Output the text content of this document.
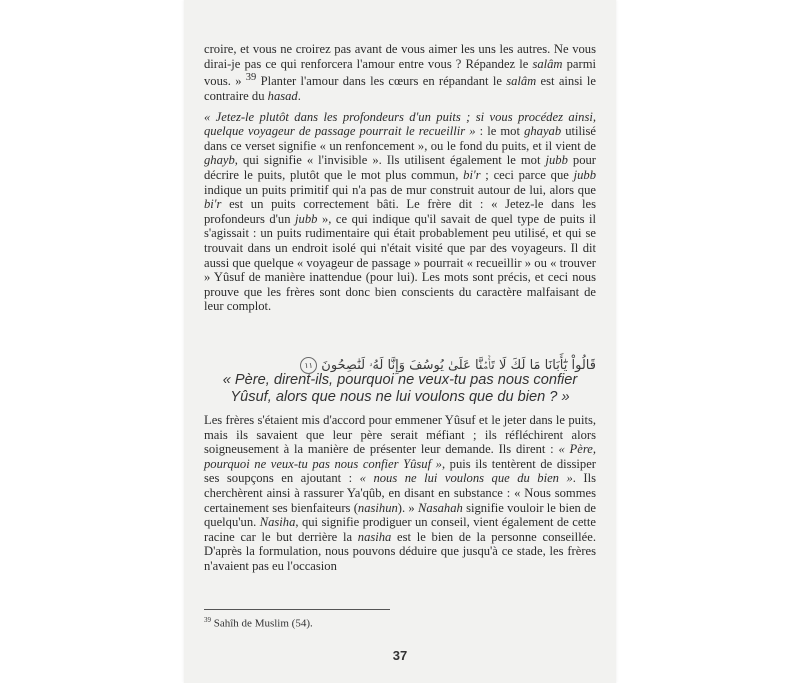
croire, et vous ne croirez pas avant de vous aimer les uns les autres. Ne vous dirai-je pas ce qui renforcera l'amour entre vous ? Répandez le salâm parmi vous. » $^{39}$ Planter l'amour dans les cœurs en répandant le salâm est ainsi le contraire du hasad.

« Jetez-le plutôt dans les profondeurs d'un puits ; si vous procédez ainsi, quelque voyageur de passage pourrait le recueillir » : le mot ghayab utilisé dans ce verset signifie « un renfoncement », ou le fond du puits, et il vient de ghayb, qui signifie « l'invisible ». Ils utilisent également le mot jubb pour décrire le puits, plutôt que le mot plus commun, bi'r ; ceci parce que jubb indique un puits primitif qui n'a pas de mur construit autour de lui, alors que bi'r est un puits correctement bâti. Le frère dit : « Jetez-le dans les profondeurs d'un jubb », ce qui indique qu'il savait de quel type de puits il s'agissait : un puits rudimentaire qui était probablement peu utilisé, et qui se trouvait dans un endroit isolé qui n'était visité que par des voyageurs. Il dit aussi que quelque « voyageur de passage » pourrait « recueillir » ou « trouver » Yûsuf de manière inattendue (pour lui). Les mots sont précis, et ceci nous prouve que les frères sont donc bien conscients du caractère malfaisant de leur complot.

قَالُواْ يَٰٓأَبَانَا مَا لَكَ لَا تَأۡمَ۬نَّا عَلَىٰ يُوسُفَ وَإِنَّا لَهُۥ لَنَٰصِحُونَ ١١
« Père, dirent-ils, pourquoi ne veux-tu pas nous confier Yûsuf, alors que nous ne lui voulons que du bien ? »

Les frères s'étaient mis d'accord pour emmener Yûsuf et le jeter dans le puits, mais ils savaient que leur père serait méfiant ; ils réfléchirent alors soigneusement à la manière de présenter leur demande. Ils dirent : « Père, pourquoi ne veux-tu pas nous confier Yûsuf », puis ils tentèrent de dissiper ses soupçons en ajoutant : « nous ne lui voulons que du bien ». Ils cherchèrent ainsi à rassurer Ya'qûb, en disant en substance : « Nous sommes certainement ses bienfaiteurs (nasihun). » Nasahah signifie vouloir le bien de quelqu'un. Nasiha, qui signifie prodiguer un conseil, vient également de cette racine car le but derrière la nasiha est le bien de la personne conseillée. D'après la formulation, nous pouvons déduire que jusqu'à ce stade, les frères n'avaient pas eu l'occasion

$^{39}$ Sahîh de Muslim (54).
37
